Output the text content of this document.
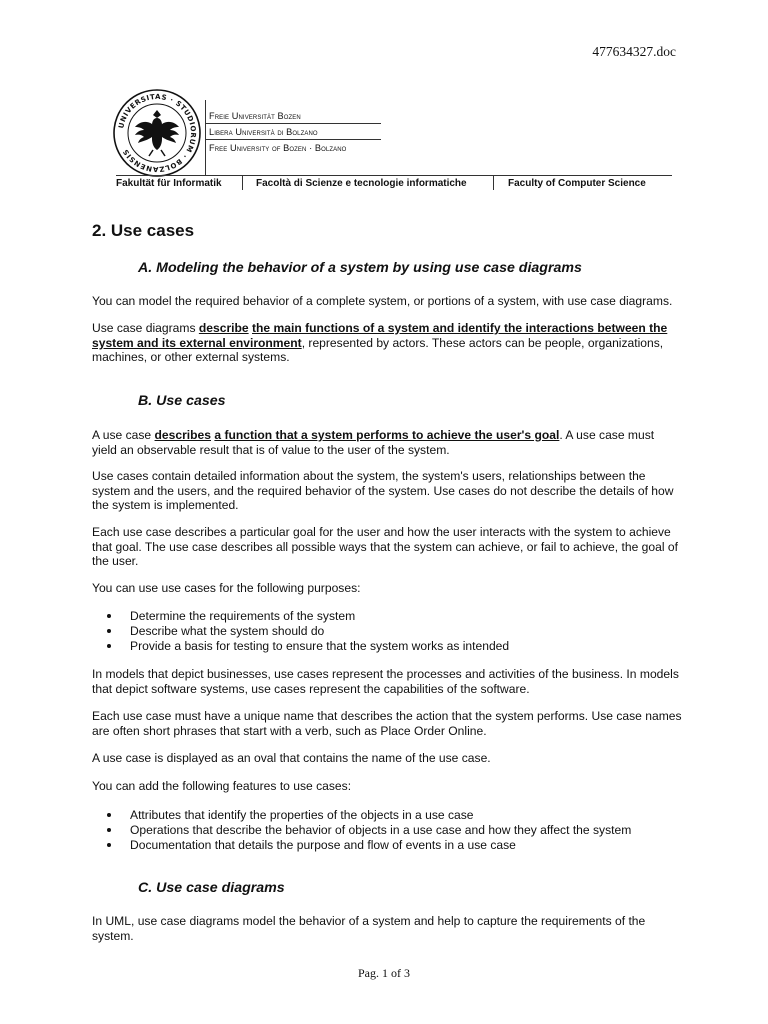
477634327.doc
UNIVERSITAS · STUDIORUM · BOLZANENSIS
Freie Universität Bozen
Libera Università di Bolzano
Free University of Bozen · Bolzano
Fakultät für Informatik	Facoltà di Scienze e tecnologie informatiche	Faculty of Computer Science
2. Use cases
A. Modeling the behavior of a system by using use case diagrams

You can model the required behavior of a complete system, or portions of a system, with use case diagrams.

Use case diagrams describe the main functions of a system and identify the interactions between the system and its external environment, represented by actors. These actors can be people, organizations, machines, or other external systems.

B. Use cases

A use case describes a function that a system performs to achieve the user's goal. A use case must yield an observable result that is of value to the user of the system.

Use cases contain detailed information about the system, the system's users, relationships between the system and the users, and the required behavior of the system. Use cases do not describe the details of how the system is implemented.

Each use case describes a particular goal for the user and how the user interacts with the system to achieve that goal. The use case describes all possible ways that the system can achieve, or fail to achieve, the goal of the user.

You can use use cases for the following purposes:

Determine the requirements of the system
Describe what the system should do
Provide a basis for testing to ensure that the system works as intended

In models that depict businesses, use cases represent the processes and activities of the business. In models that depict software systems, use cases represent the capabilities of the software.

Each use case must have a unique name that describes the action that the system performs. Use case names are often short phrases that start with a verb, such as Place Order Online.

A use case is displayed as an oval that contains the name of the use case.

You can add the following features to use cases:

Attributes that identify the properties of the objects in a use case
Operations that describe the behavior of objects in a use case and how they affect the system
Documentation that details the purpose and flow of events in a use case
C. Use case diagrams

In UML, use case diagrams model the behavior of a system and help to capture the requirements of the system.

Pag. 1 of 3
